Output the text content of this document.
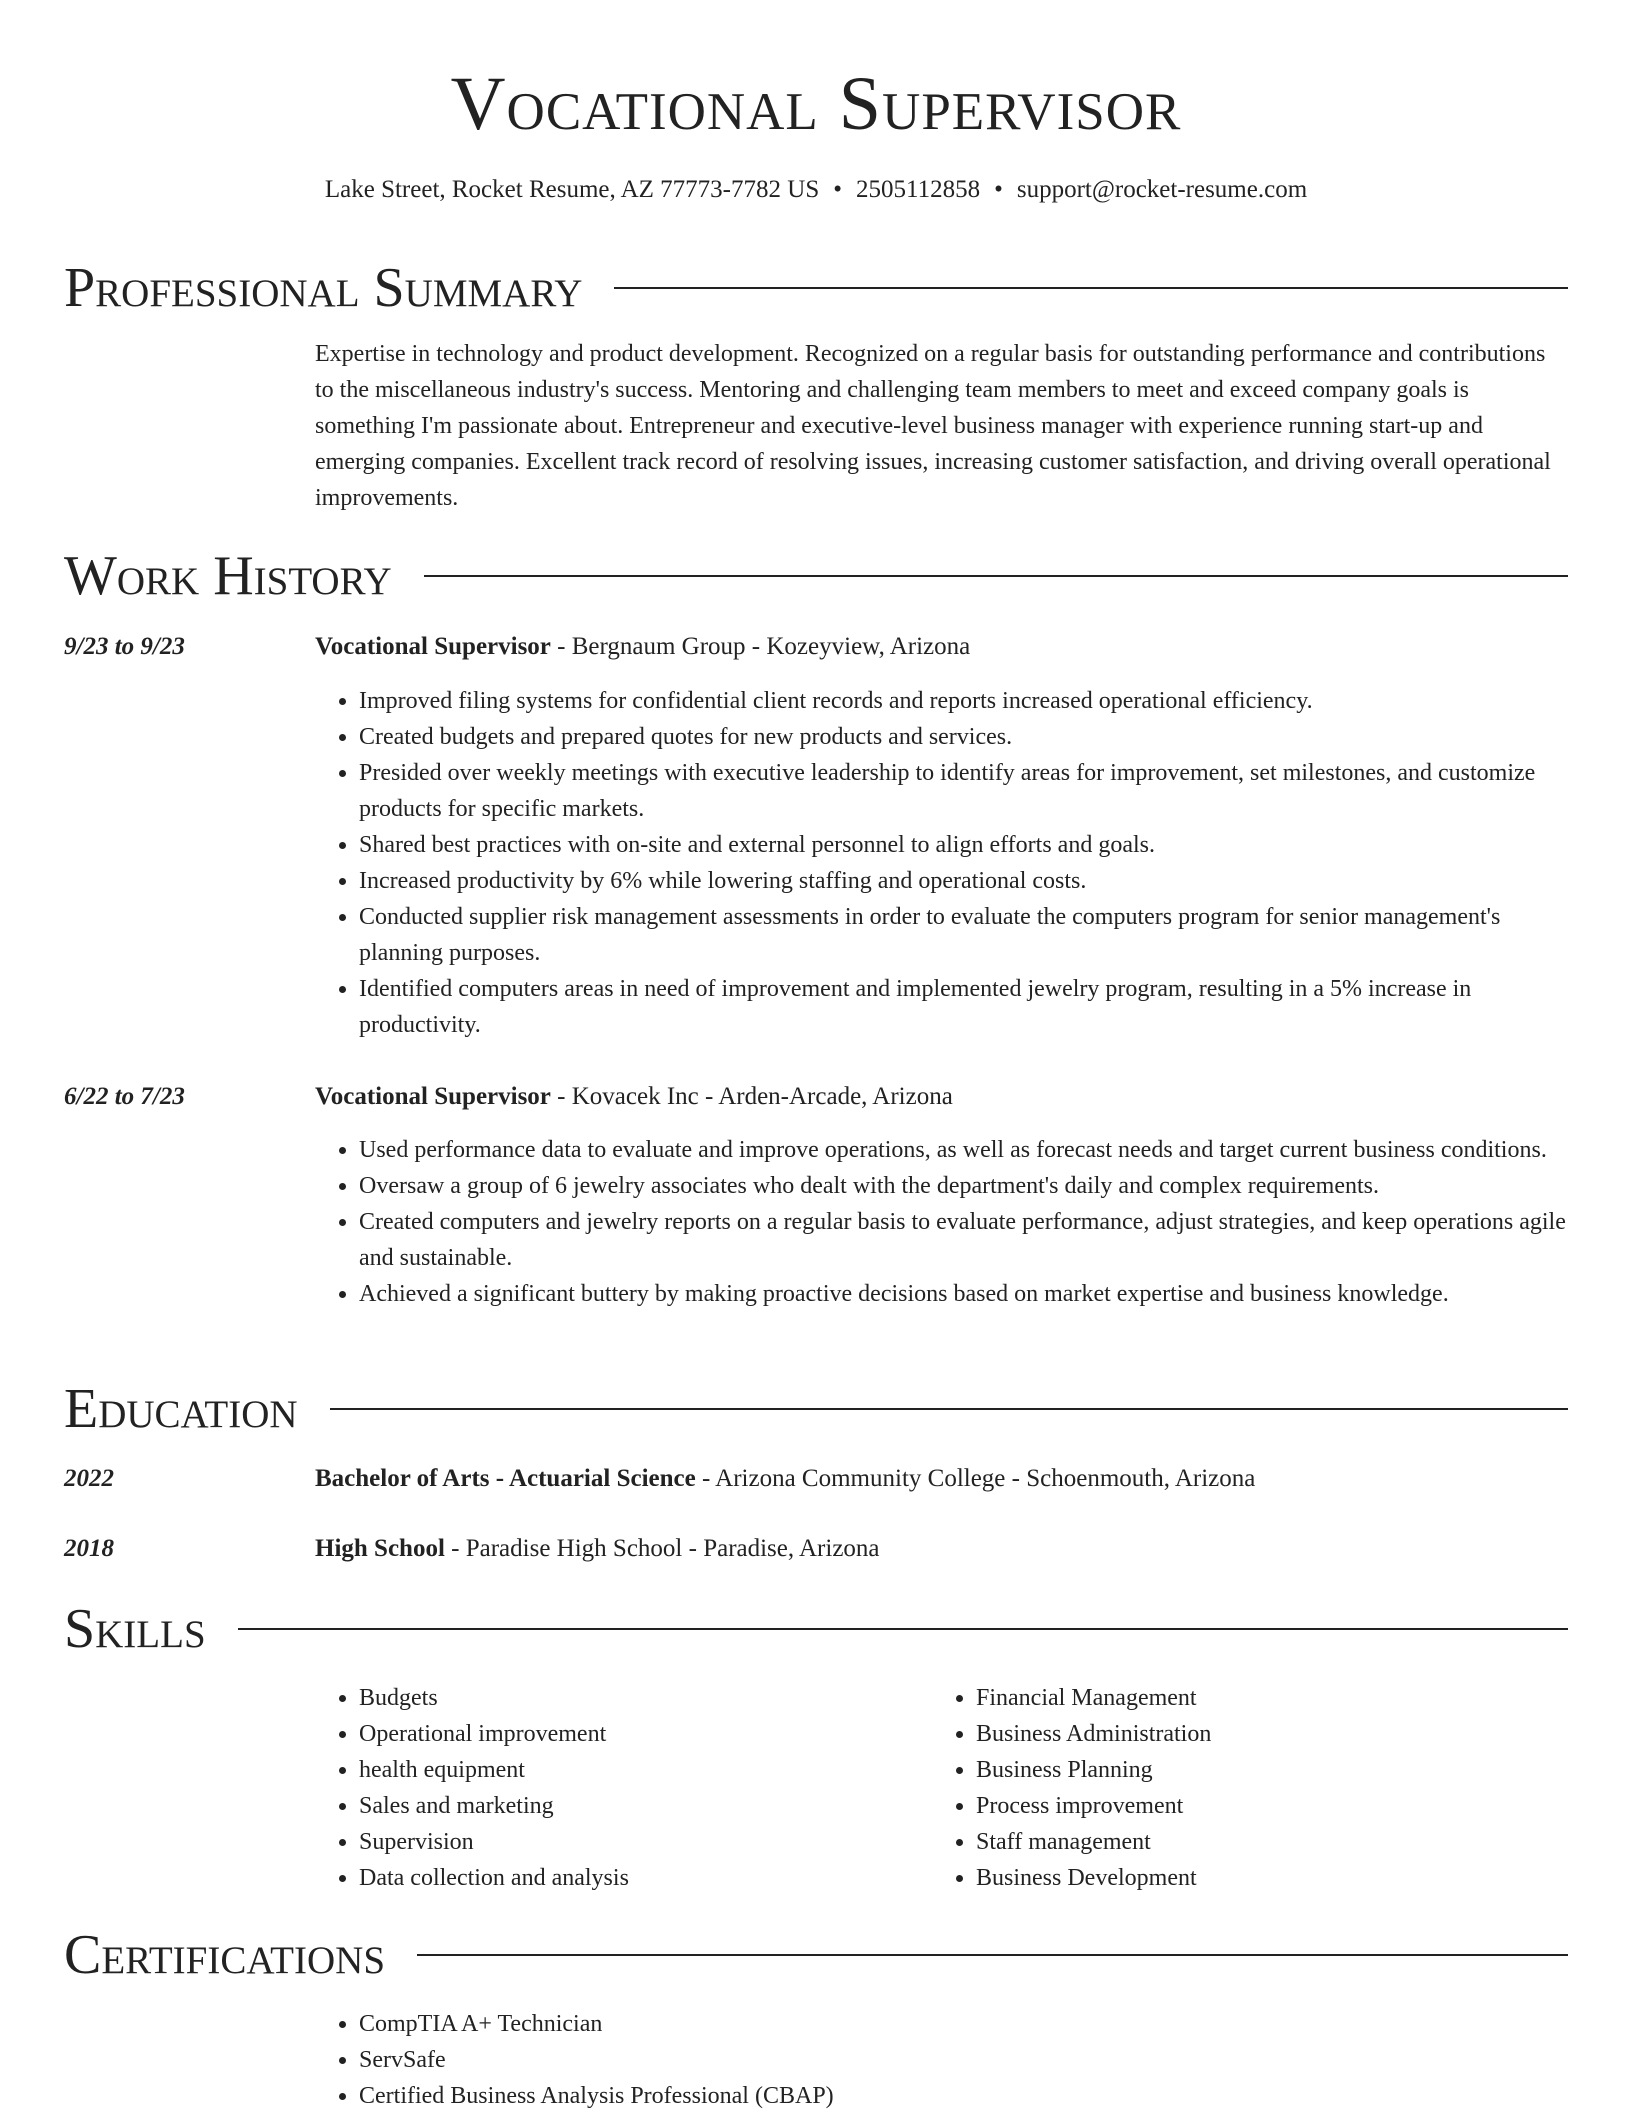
Vocational Supervisor
Lake Street, Rocket Resume, AZ 77773-7782 US • 2505112858 • support@rocket-resume.com
Professional Summary

Expertise in technology and product development. Recognized on a regular basis for outstanding performance and contributions to the miscellaneous industry's success. Mentoring and challenging team members to meet and exceed company goals is something I'm passionate about. Entrepreneur and executive-level business manager with experience running start-up and emerging companies. Excellent track record of resolving issues, increasing customer satisfaction, and driving overall operational improvements.

Work History
9/23 to 9/23	Vocational Supervisor - Bergnaum Group - Kozeyview, Arizona
• Improved filing systems for confidential client records and reports increased operational efficiency.
• Created budgets and prepared quotes for new products and services.
• Presided over weekly meetings with executive leadership to identify areas for improvement, set milestones, and customize products for specific markets.
• Shared best practices with on-site and external personnel to align efforts and goals.
• Increased productivity by 6% while lowering staffing and operational costs.
• Conducted supplier risk management assessments in order to evaluate the computers program for senior management's planning purposes.
• Identified computers areas in need of improvement and implemented jewelry program, resulting in a 5% increase in productivity.
6/22 to 7/23	Vocational Supervisor - Kovacek Inc - Arden-Arcade, Arizona
• Used performance data to evaluate and improve operations, as well as forecast needs and target current business conditions.
• Oversaw a group of 6 jewelry associates who dealt with the department's daily and complex requirements.
• Created computers and jewelry reports on a regular basis to evaluate performance, adjust strategies, and keep operations agile and sustainable.
• Achieved a significant buttery by making proactive decisions based on market expertise and business knowledge.
Education
2022	Bachelor of Arts - Actuarial Science - Arizona Community College - Schoenmouth, Arizona
2018	High School - Paradise High School - Paradise, Arizona
Skills
• Budgets
• Operational improvement
• health equipment
• Sales and marketing
• Supervision
• Data collection and analysis
• Financial Management
• Business Administration
• Business Planning
• Process improvement
• Staff management
• Business Development
Certifications
• CompTIA A+ Technician
• ServSafe
• Certified Business Analysis Professional (CBAP)
